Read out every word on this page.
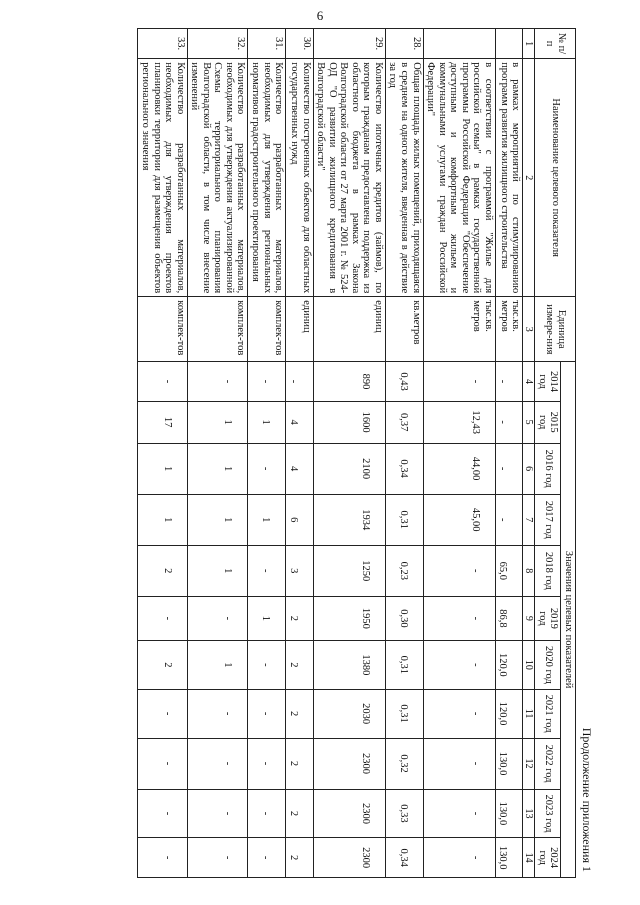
6
Продолжение приложения 1
№ п/п	Наименование целевого показателя	Единица измере-ния	Значения целевых показателей										
			2014 год	2015 год	2016 год	2017 год	2018 год	2019 год	2020 год	2021 год	2022 год	2023 год	2024 год
1	2	3	4	5	6	7	8	9	10	11	12	13	14
	в рамках мероприятий по стимулированию программ развития жилищного строительства	тыс.кв. метров	-	-	-	-	65,0	86,8	120,0	120,0	130,0	130,0	130,0
	в соответствии с программой "Жилье для российской семьи" в рамках государственной программы Российской Федерации "Обеспечение доступным и комфортным жильем и коммунальными услугами граждан Российской Федерации"	тыс.кв. метров	-	12,43	44,00	45,00	-	-	-	-	-	-	-
28.	Общая площадь жилых помещений, приходящаяся в среднем на одного жителя, введенная в действие за год	кв.метров	0,43	0,37	0,34	0,31	0,23	0,30	0,31	0,31	0,32	0,33	0,34
29.	Количество ипотечных кредитов (займов), по которым гражданам предоставлена поддержка из областного бюджета в рамках Закона Волгоградской области от 27 марта 2001 г. № 524-ОД "О развитии жилищного кредитования в Волгоградской области"	единиц	890	1600	2100	1934	1250	1950	1380	2030	2300	2300	2300
30.	Количество построенных объектов для областных государственных нужд	единиц	-	4	4	6	3	2	2	2	2	2	2
31.	Количество разработанных материалов, необходимых для утверждения региональных нормативов градостроительного проектирования	комплек-тов	-	1	-	1	-	1	-	-	-	-	-
32.	Количество разработанных материалов, необходимых для утверждения актуализированной Схемы территориального планирования Волгоградской области, в том числе внесение изменений	комплек-тов	-	1	1	1	1	-	1	-	-	-	-
33.	Количество разработанных материалов, необходимых для утверждения проектов планировки территории для размещения объектов регионального значения	комплек-тов	-	17	1	1	2	-	2	-	-	-	-
